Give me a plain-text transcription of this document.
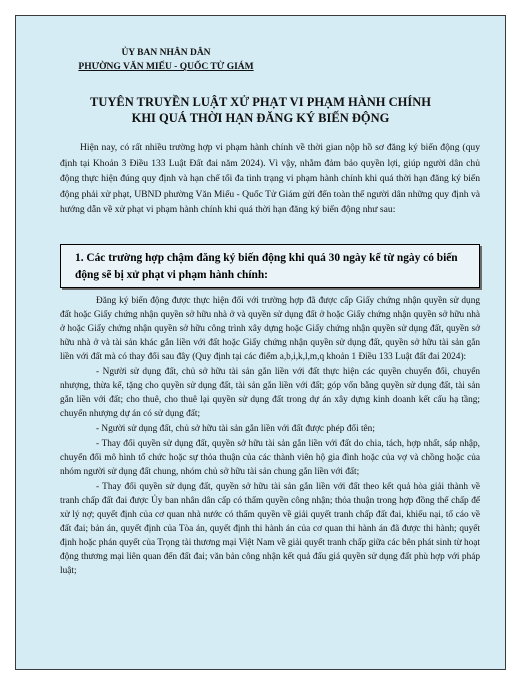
ỦY BAN NHÂN DÂN
PHƯỜNG VĂN MIẾU - QUỐC TỬ GIÁM
TUYÊN TRUYỀN LUẬT XỬ PHẠT VI PHẠM HÀNH CHÍNH
KHI QUÁ THỜI HẠN ĐĂNG KÝ BIẾN ĐỘNG

Hiện nay, có rất nhiều trường hợp vi phạm hành chính về thời gian nộp hồ sơ đăng ký biến động (quy định tại Khoản 3 Điều 133 Luật Đất đai năm 2024). Vì vậy, nhằm đảm bảo quyền lợi, giúp người dân chủ động thực hiện đúng quy định và hạn chế tối đa tình trạng vi phạm hành chính khi quá thời hạn đăng ký biến động phải xử phạt, UBND phường Văn Miếu - Quốc Tử Giám gửi đến toàn thể người dân những quy định và hướng dẫn về xử phạt vi phạm hành chính khi quá thời hạn đăng ký biến động như sau:

1. Các trường hợp chậm đăng ký biến động khi quá 30 ngày kể từ ngày có biến động sẽ bị xử phạt vi phạm hành chính:

Đăng ký biến động được thực hiện đối với trường hợp đã được cấp Giấy chứng nhận quyền sử dụng đất hoặc Giấy chứng nhận quyền sở hữu nhà ở và quyền sử dụng đất ở hoặc Giấy chứng nhận quyền sở hữu nhà ở hoặc Giấy chứng nhận quyền sở hữu công trình xây dựng hoặc Giấy chứng nhận quyền sử dụng đất, quyền sở hữu nhà ở và tài sản khác gắn liền với đất hoặc Giấy chứng nhận quyền sử dụng đất, quyền sở hữu tài sản gắn liền với đất mà có thay đổi sau đây (Quy định tại các điểm a,b,i,k,l,m,q khoản 1 Điều 133 Luật đất đai 2024):

- Người sử dụng đất, chủ sở hữu tài sản gắn liền với đất thực hiện các quyền chuyển đổi, chuyển nhượng, thừa kế, tặng cho quyền sử dụng đất, tài sản gắn liền với đất; góp vốn bằng quyền sử dụng đất, tài sản gắn liền với đất; cho thuê, cho thuê lại quyền sử dụng đất trong dự án xây dựng kinh doanh kết cấu hạ tầng; chuyển nhượng dự án có sử dụng đất;

- Người sử dụng đất, chủ sở hữu tài sản gắn liền với đất được phép đổi tên;

- Thay đổi quyền sử dụng đất, quyền sở hữu tài sản gắn liền với đất do chia, tách, hợp nhất, sáp nhập, chuyển đổi mô hình tổ chức hoặc sự thỏa thuận của các thành viên hộ gia đình hoặc của vợ và chồng hoặc của nhóm người sử dụng đất chung, nhóm chủ sở hữu tài sản chung gắn liền với đất;

- Thay đổi quyền sử dụng đất, quyền sở hữu tài sản gắn liền với đất theo kết quả hòa giải thành về tranh chấp đất đai được Ủy ban nhân dân cấp có thẩm quyền công nhận; thỏa thuận trong hợp đồng thế chấp để xử lý nợ; quyết định của cơ quan nhà nước có thẩm quyền về giải quyết tranh chấp đất đai, khiếu nại, tố cáo về đất đai; bản án, quyết định của Tòa án, quyết định thi hành án của cơ quan thi hành án đã được thi hành; quyết định hoặc phán quyết của Trọng tài thương mại Việt Nam về giải quyết tranh chấp giữa các bên phát sinh từ hoạt động thương mại liên quan đến đất đai; văn bản công nhận kết quả đấu giá quyền sử dụng đất phù hợp với pháp luật;
